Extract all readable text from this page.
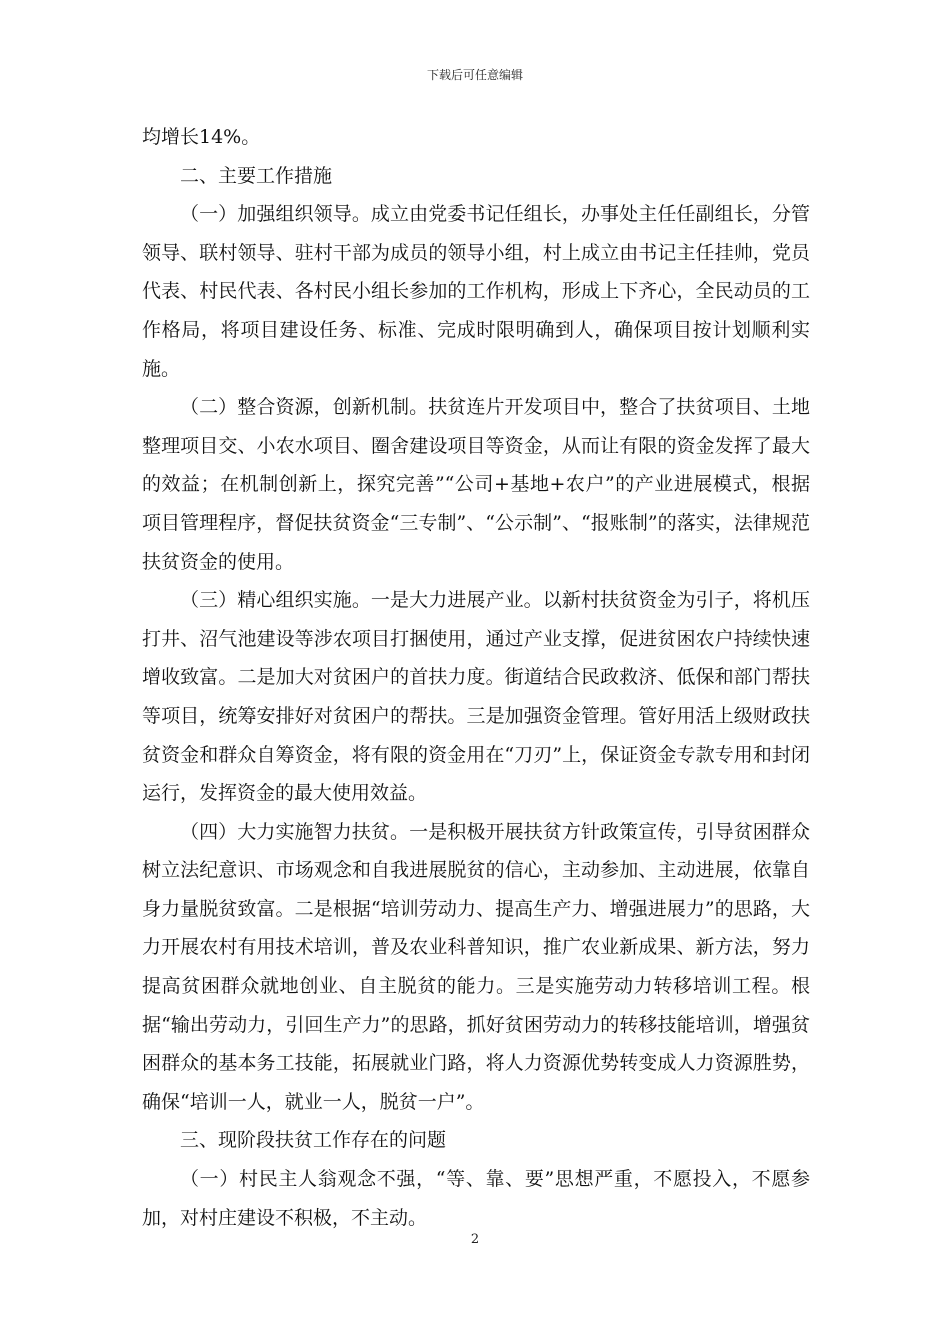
下载后可任意编辑

均增长14%。

二、主要工作措施

（一）加强组织领导。成立由党委书记任组长，办事处主任任副组长，分管领导、联村领导、驻村干部为成员的领导小组，村上成立由书记主任挂帅，党员代表、村民代表、各村民小组长参加的工作机构，形成上下齐心，全民动员的工作格局，将项目建设任务、标准、完成时限明确到人，确保项目按计划顺利实施。

（二）整合资源，创新机制。扶贫连片开发项目中，整合了扶贫项目、土地整理项目交、小农水项目、圈舍建设项目等资金，从而让有限的资金发挥了最大的效益；在机制创新上，探究完善”“公司+基地+农户”的产业进展模式，根据项目管理程序，督促扶贫资金“三专制”、“公示制”、“报账制”的落实，法律规范扶贫资金的使用。

（三）精心组织实施。一是大力进展产业。以新村扶贫资金为引子，将机压打井、沼气池建设等涉农项目打捆使用，通过产业支撑，促进贫困农户持续快速增收致富。二是加大对贫困户的首扶力度。街道结合民政救济、低保和部门帮扶等项目，统筹安排好对贫困户的帮扶。三是加强资金管理。管好用活上级财政扶贫资金和群众自筹资金，将有限的资金用在“刀刃”上，保证资金专款专用和封闭运行，发挥资金的最大使用效益。

（四）大力实施智力扶贫。一是积极开展扶贫方针政策宣传，引导贫困群众树立法纪意识、市场观念和自我进展脱贫的信心，主动参加、主动进展，依靠自身力量脱贫致富。二是根据“培训劳动力、提高生产力、增强进展力”的思路，大力开展农村有用技术培训，普及农业科普知识，推广农业新成果、新方法，努力提高贫困群众就地创业、自主脱贫的能力。三是实施劳动力转移培训工程。根据“输出劳动力，引回生产力”的思路，抓好贫困劳动力的转移技能培训，增强贫困群众的基本务工技能，拓展就业门路，将人力资源优势转变成人力资源胜势，确保“培训一人，就业一人，脱贫一户”。

三、现阶段扶贫工作存在的问题

（一）村民主人翁观念不强，“等、靠、要”思想严重，不愿投入，不愿参加，对村庄建设不积极，不主动。

2
